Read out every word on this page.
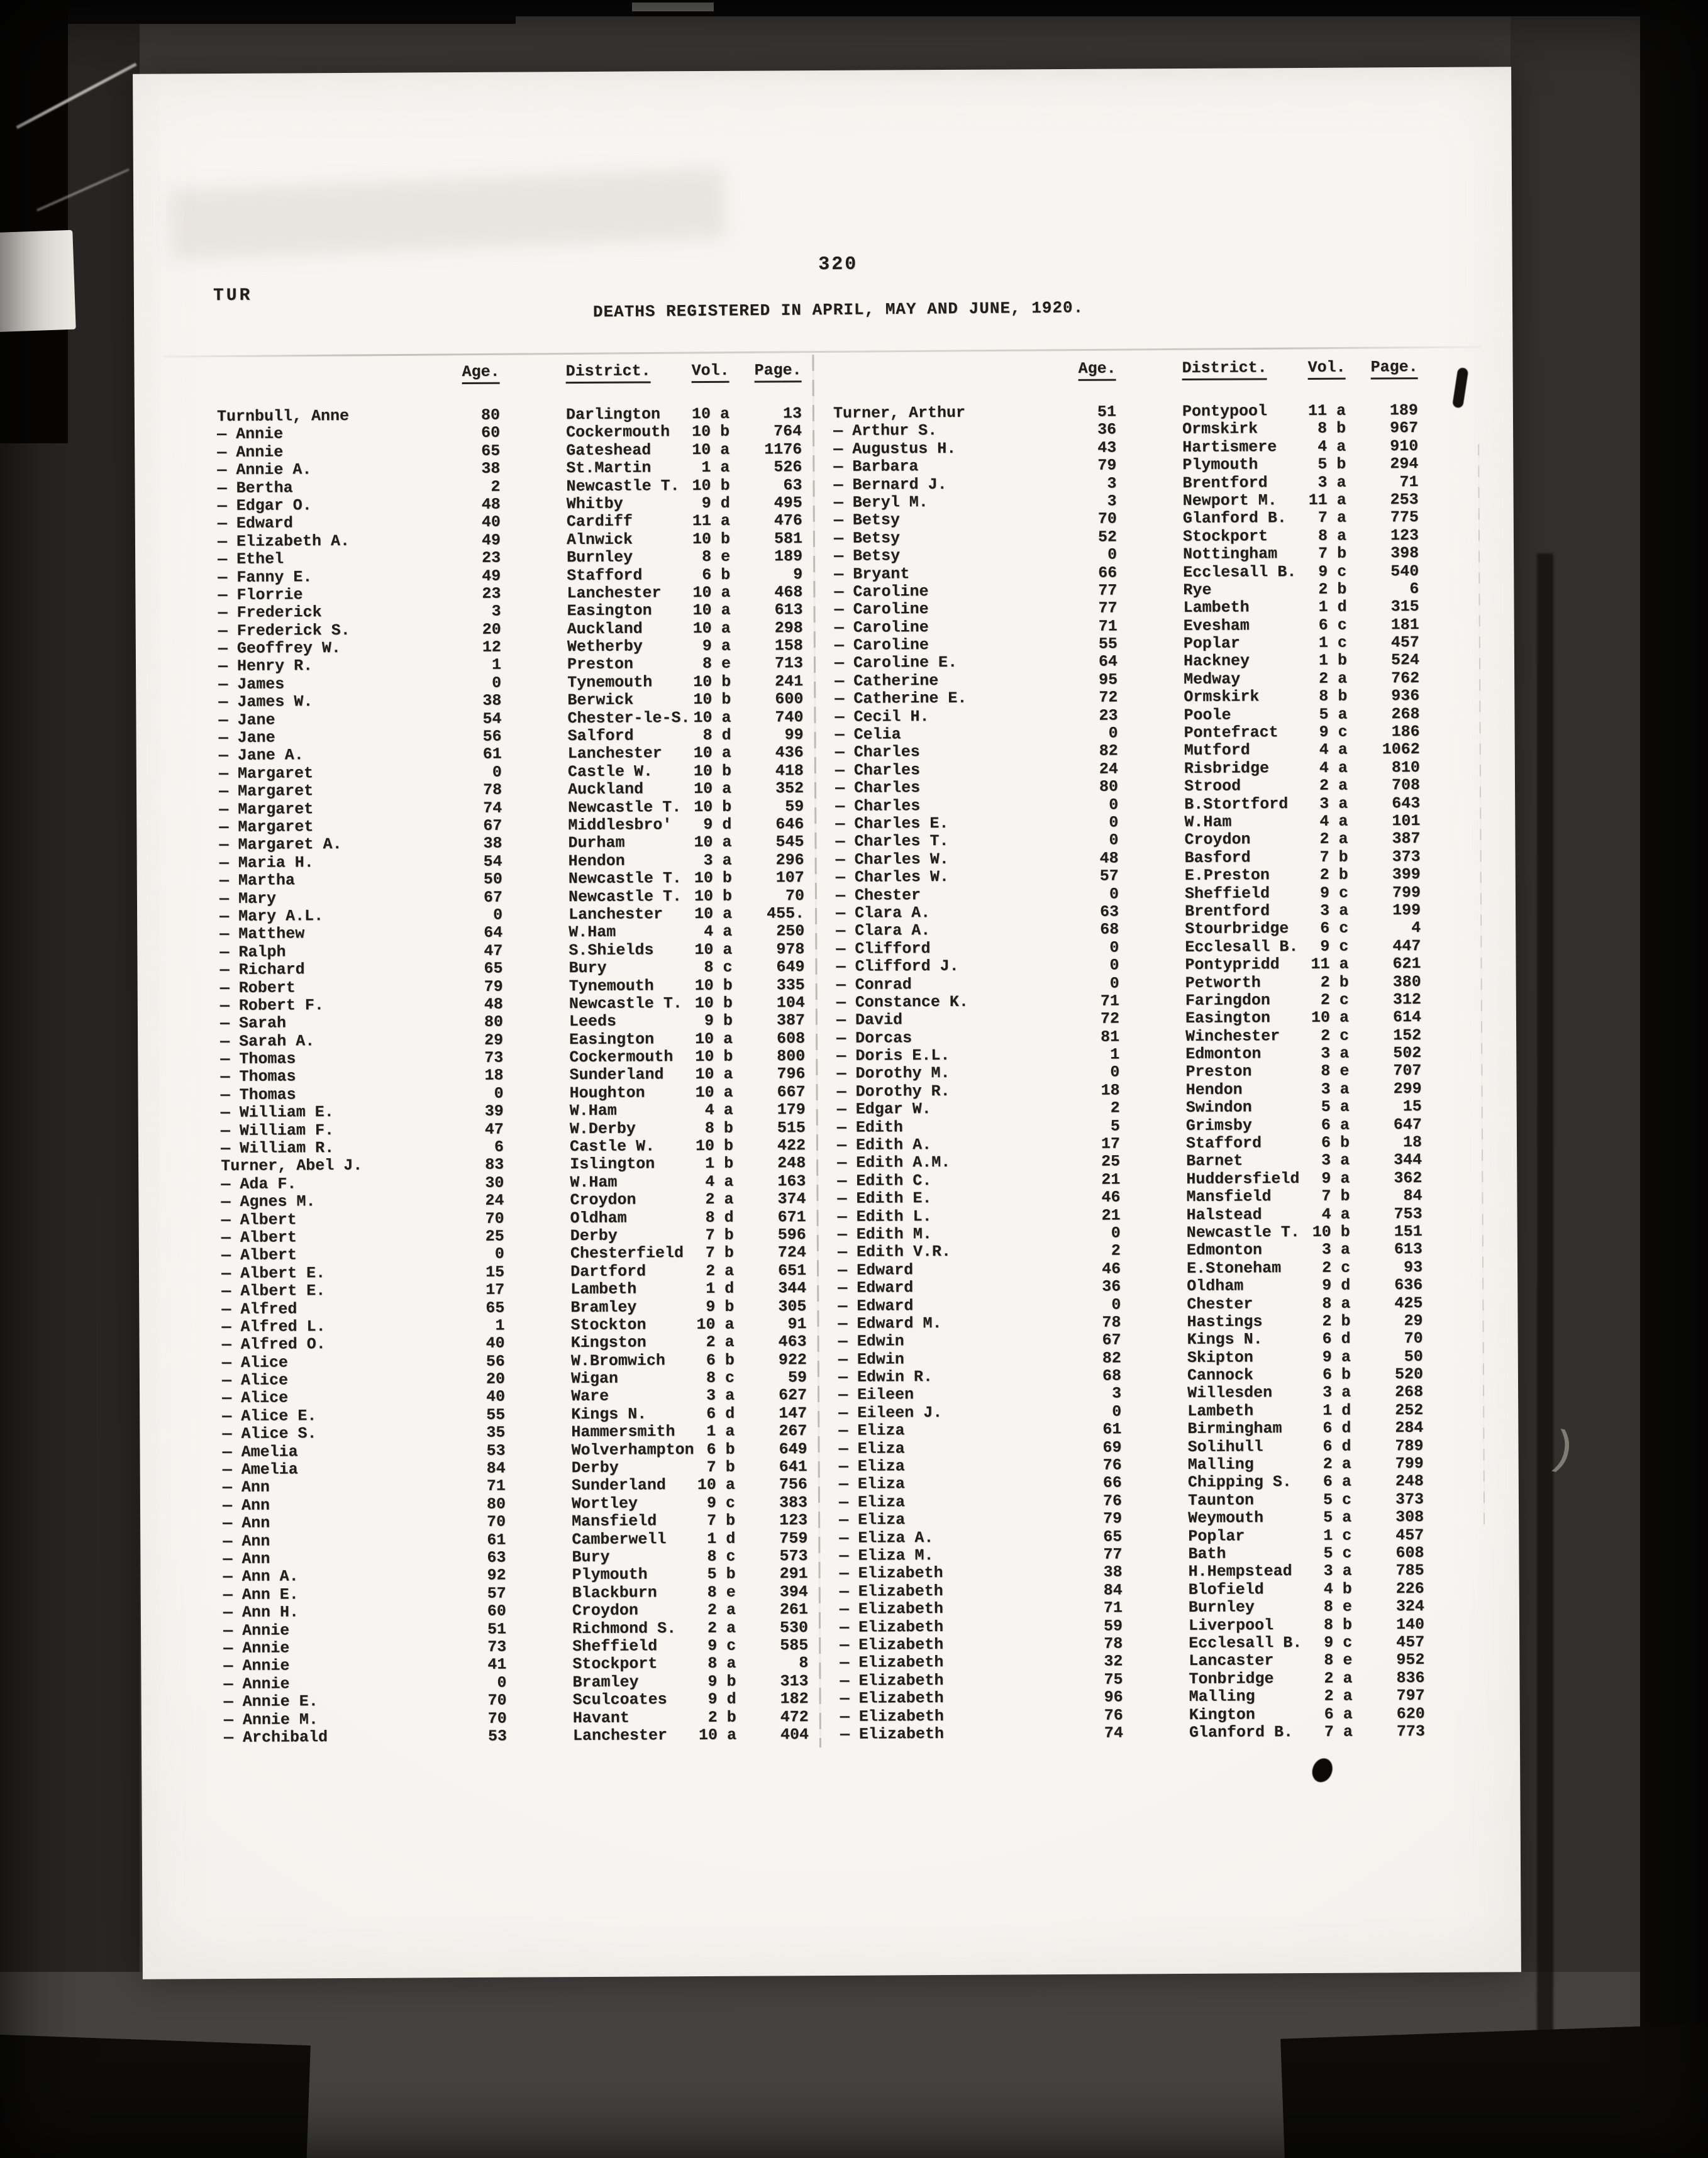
)
320
TUR
DEATHS REGISTERED IN APRIL, MAY AND JUNE, 1920.
Age.	District.	Vol.	Page.
Turnbull, Anne	80	Darlington	10 a	13
— Annie	60	Cockermouth	10 b	764
— Annie	65	Gateshead	10 a	1176
— Annie A.	38	St.Martin	1 a	526
— Bertha	2	Newcastle T. 10 b	63
— Edgar O.	48	Whitby	9 d	495
— Edward	40	Cardiff	11 a	476
— Elizabeth A.	49	Alnwick	10 b	581
— Ethel	23	Burnley	8 e	189
— Fanny E.	49	Stafford	6 b	9
— Florrie	23	Lanchester	10 a	468
— Frederick	3	Easington	10 a	613
— Frederick S.	20	Auckland	10 a	298
— Geoffrey W.	12	Wetherby	9 a	158
— Henry R.	1	Preston	8 e	713
— James	0	Tynemouth	10 b	241
— James W.	38	Berwick	10 b	600
— Jane	54	Chester-le-S. 10 a	740
— Jane	56	Salford	8 d	99
— Jane A.	61	Lanchester	10 a	436
— Margaret	0	Castle W.	10 b	418
— Margaret	78	Auckland	10 a	352
— Margaret	74	Newcastle T. 10 b	59
— Margaret	67	Middlesbro'	9 d	646
— Margaret A.	38	Durham	10 a	545
— Maria H.	54	Hendon	3 a	296
— Martha	50	Newcastle T. 10 b	107
— Mary	67	Newcastle T. 10 b	70
— Mary A.L.	0	Lanchester	10 a	455.
— Matthew	64	W.Ham	4 a	250
— Ralph	47	S.Shields	10 a	978
— Richard	65	Bury	8 c	649
— Robert	79	Tynemouth	10 b	335
— Robert F.	48	Newcastle T. 10 b	104
— Sarah	80	Leeds	9 b	387
— Sarah A.	29	Easington	10 a	608
— Thomas	73	Cockermouth	10 b	800
— Thomas	18	Sunderland	10 a	796
— Thomas	0	Houghton	10 a	667
— William E.	39	W.Ham	4 a	179
— William F.	47	W.Derby	8 b	515
— William R.	6	Castle W.	10 b	422
Turner, Abel J.	83	Islington	1 b	248
— Ada F.	30	W.Ham	4 a	163
— Agnes M.	24	Croydon	2 a	374
— Albert	70	Oldham	8 d	671
— Albert	25	Derby	7 b	596
— Albert	0	Chesterfield	7 b	724
— Albert E.	15	Dartford	2 a	651
— Albert E.	17	Lambeth	1 d	344
— Alfred	65	Bramley	9 b	305
— Alfred L.	1	Stockton	10 a	91
— Alfred O.	40	Kingston	2 a	463
— Alice	56	W.Bromwich	6 b	922
— Alice	20	Wigan	8 c	59
— Alice	40	Ware	3 a	627
— Alice E.	55	Kings N.	6 d	147
— Alice S.	35	Hammersmith	1 a	267
— Amelia	53	Wolverhampton 6 b	649
— Amelia	84	Derby	7 b	641
— Ann	71	Sunderland	10 a	756
— Ann	80	Wortley	9 c	383
— Ann	70	Mansfield	7 b	123
— Ann	61	Camberwell	1 d	759
— Ann	63	Bury	8 c	573
— Ann A.	92	Plymouth	5 b	291
— Ann E.	57	Blackburn	8 e	394
— Ann H.	60	Croydon	2 a	261
— Annie	51	Richmond S.	2 a	530
— Annie	73	Sheffield	9 c	585
— Annie	41	Stockport	8 a	8
— Annie	0	Bramley	9 b	313
— Annie E.	70	Sculcoates	9 d	182
— Annie M.	70	Havant	2 b	472
— Archibald	53	Lanchester	10 a	404
Age.	District.	Vol.	Page.
Turner, Arthur	51	Pontypool	11 a	189
— Arthur S.	36	Ormskirk	8 b	967
— Augustus H.	43	Hartismere	4 a	910
— Barbara	79	Plymouth	5 b	294
— Bernard J.	3	Brentford	3 a	71
— Beryl M.	3	Newport M.	11 a	253
— Betsy	70	Glanford B.	7 a	775
— Betsy	52	Stockport	8 a	123
— Betsy	0	Nottingham	7 b	398
— Bryant	66	Ecclesall B.	9 c	540
— Caroline	77	Rye	2 b	6
— Caroline	77	Lambeth	1 d	315
— Caroline	71	Evesham	6 c	181
— Caroline	55	Poplar	1 c	457
— Caroline E.	64	Hackney	1 b	524
— Catherine	95	Medway	2 a	762
— Catherine E.	72	Ormskirk	8 b	936
— Cecil H.	23	Poole	5 a	268
— Celia	0	Pontefract	9 c	186
— Charles	82	Mutford	4 a	1062
— Charles	24	Risbridge	4 a	810
— Charles	80	Strood	2 a	708
— Charles	0	B.Stortford	3 a	643
— Charles E.	0	W.Ham	4 a	101
— Charles T.	0	Croydon	2 a	387
— Charles W.	48	Basford	7 b	373
— Charles W.	57	E.Preston	2 b	399
— Chester	0	Sheffield	9 c	799
— Clara A.	63	Brentford	3 a	199
— Clara A.	68	Stourbridge	6 c	4
— Clifford	0	Ecclesall B.	9 c	447
— Clifford J.	0	Pontypridd	11 a	621
— Conrad	0	Petworth	2 b	380
— Constance K.	71	Faringdon	2 c	312
— David	72	Easington	10 a	614
— Dorcas	81	Winchester	2 c	152
— Doris E.L.	1	Edmonton	3 a	502
— Dorothy M.	0	Preston	8 e	707
— Dorothy R.	18	Hendon	3 a	299
— Edgar W.	2	Swindon	5 a	15
— Edith	5	Grimsby	6 a	647
— Edith A.	17	Stafford	6 b	18
— Edith A.M.	25	Barnet	3 a	344
— Edith C.	21	Huddersfield	9 a	362
— Edith E.	46	Mansfield	7 b	84
— Edith L.	21	Halstead	4 a	753
— Edith M.	0	Newcastle T. 10 b	151
— Edith V.R.	2	Edmonton	3 a	613
— Edward	46	E.Stoneham	2 c	93
— Edward	36	Oldham	9 d	636
— Edward	0	Chester	8 a	425
— Edward M.	78	Hastings	2 b	29
— Edwin	67	Kings N.	6 d	70
— Edwin	82	Skipton	9 a	50
— Edwin R.	68	Cannock	6 b	520
— Eileen	3	Willesden	3 a	268
— Eileen J.	0	Lambeth	1 d	252
— Eliza	61	Birmingham	6 d	284
— Eliza	69	Solihull	6 d	789
— Eliza	76	Malling	2 a	799
— Eliza	66	Chipping S.	6 a	248
— Eliza	76	Taunton	5 c	373
— Eliza	79	Weymouth	5 a	308
— Eliza A.	65	Poplar	1 c	457
— Eliza M.	77	Bath	5 c	608
— Elizabeth	38	H.Hempstead	3 a	785
— Elizabeth	84	Blofield	4 b	226
— Elizabeth	71	Burnley	8 e	324
— Elizabeth	59	Liverpool	8 b	140
— Elizabeth	78	Ecclesall B.	9 c	457
— Elizabeth	32	Lancaster	8 e	952
— Elizabeth	75	Tonbridge	2 a	836
— Elizabeth	96	Malling	2 a	797
— Elizabeth	76	Kington	6 a	620
— Elizabeth	74	Glanford B.	7 a	773
